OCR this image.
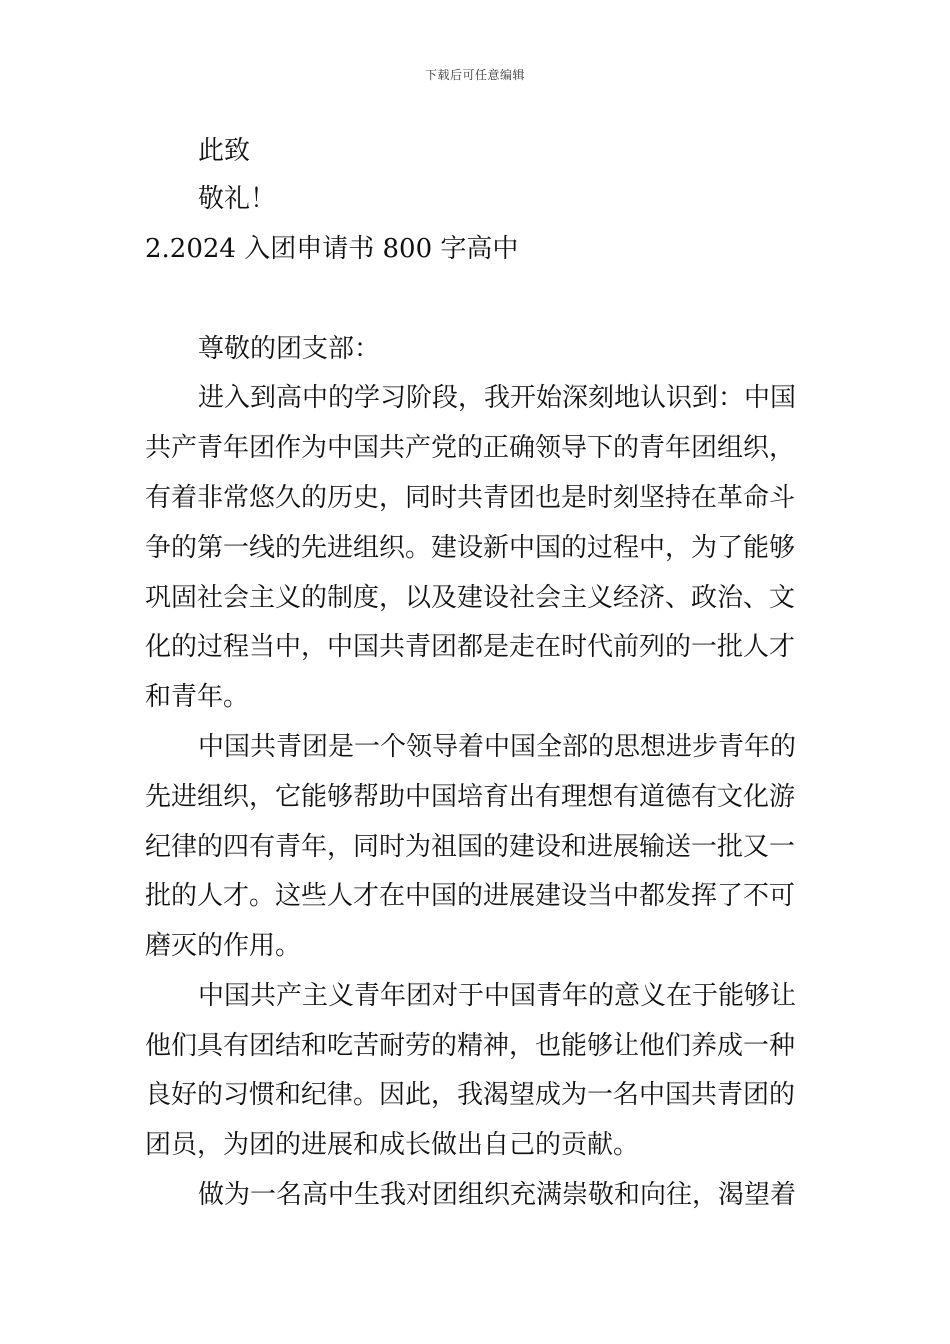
下载后可任意编辑
此致
敬礼！
2.2024 入团申请书 800 字高中
尊敬的团支部：
进入到高中的学习阶段，我开始深刻地认识到：中国
共产青年团作为中国共产党的正确领导下的青年团组织，
有着非常悠久的历史，同时共青团也是时刻坚持在革命斗
争的第一线的先进组织。建设新中国的过程中，为了能够
巩固社会主义的制度，以及建设社会主义经济、政治、文
化的过程当中，中国共青团都是走在时代前列的一批人才
和青年。
中国共青团是一个领导着中国全部的思想进步青年的
先进组织，它能够帮助中国培育出有理想有道德有文化游
纪律的四有青年，同时为祖国的建设和进展输送一批又一
批的人才。这些人才在中国的进展建设当中都发挥了不可
磨灭的作用。
中国共产主义青年团对于中国青年的意义在于能够让
他们具有团结和吃苦耐劳的精神，也能够让他们养成一种
良好的习惯和纪律。因此，我渴望成为一名中国共青团的
团员，为团的进展和成长做出自己的贡献。
做为一名高中生我对团组织充满崇敬和向往，渴望着
